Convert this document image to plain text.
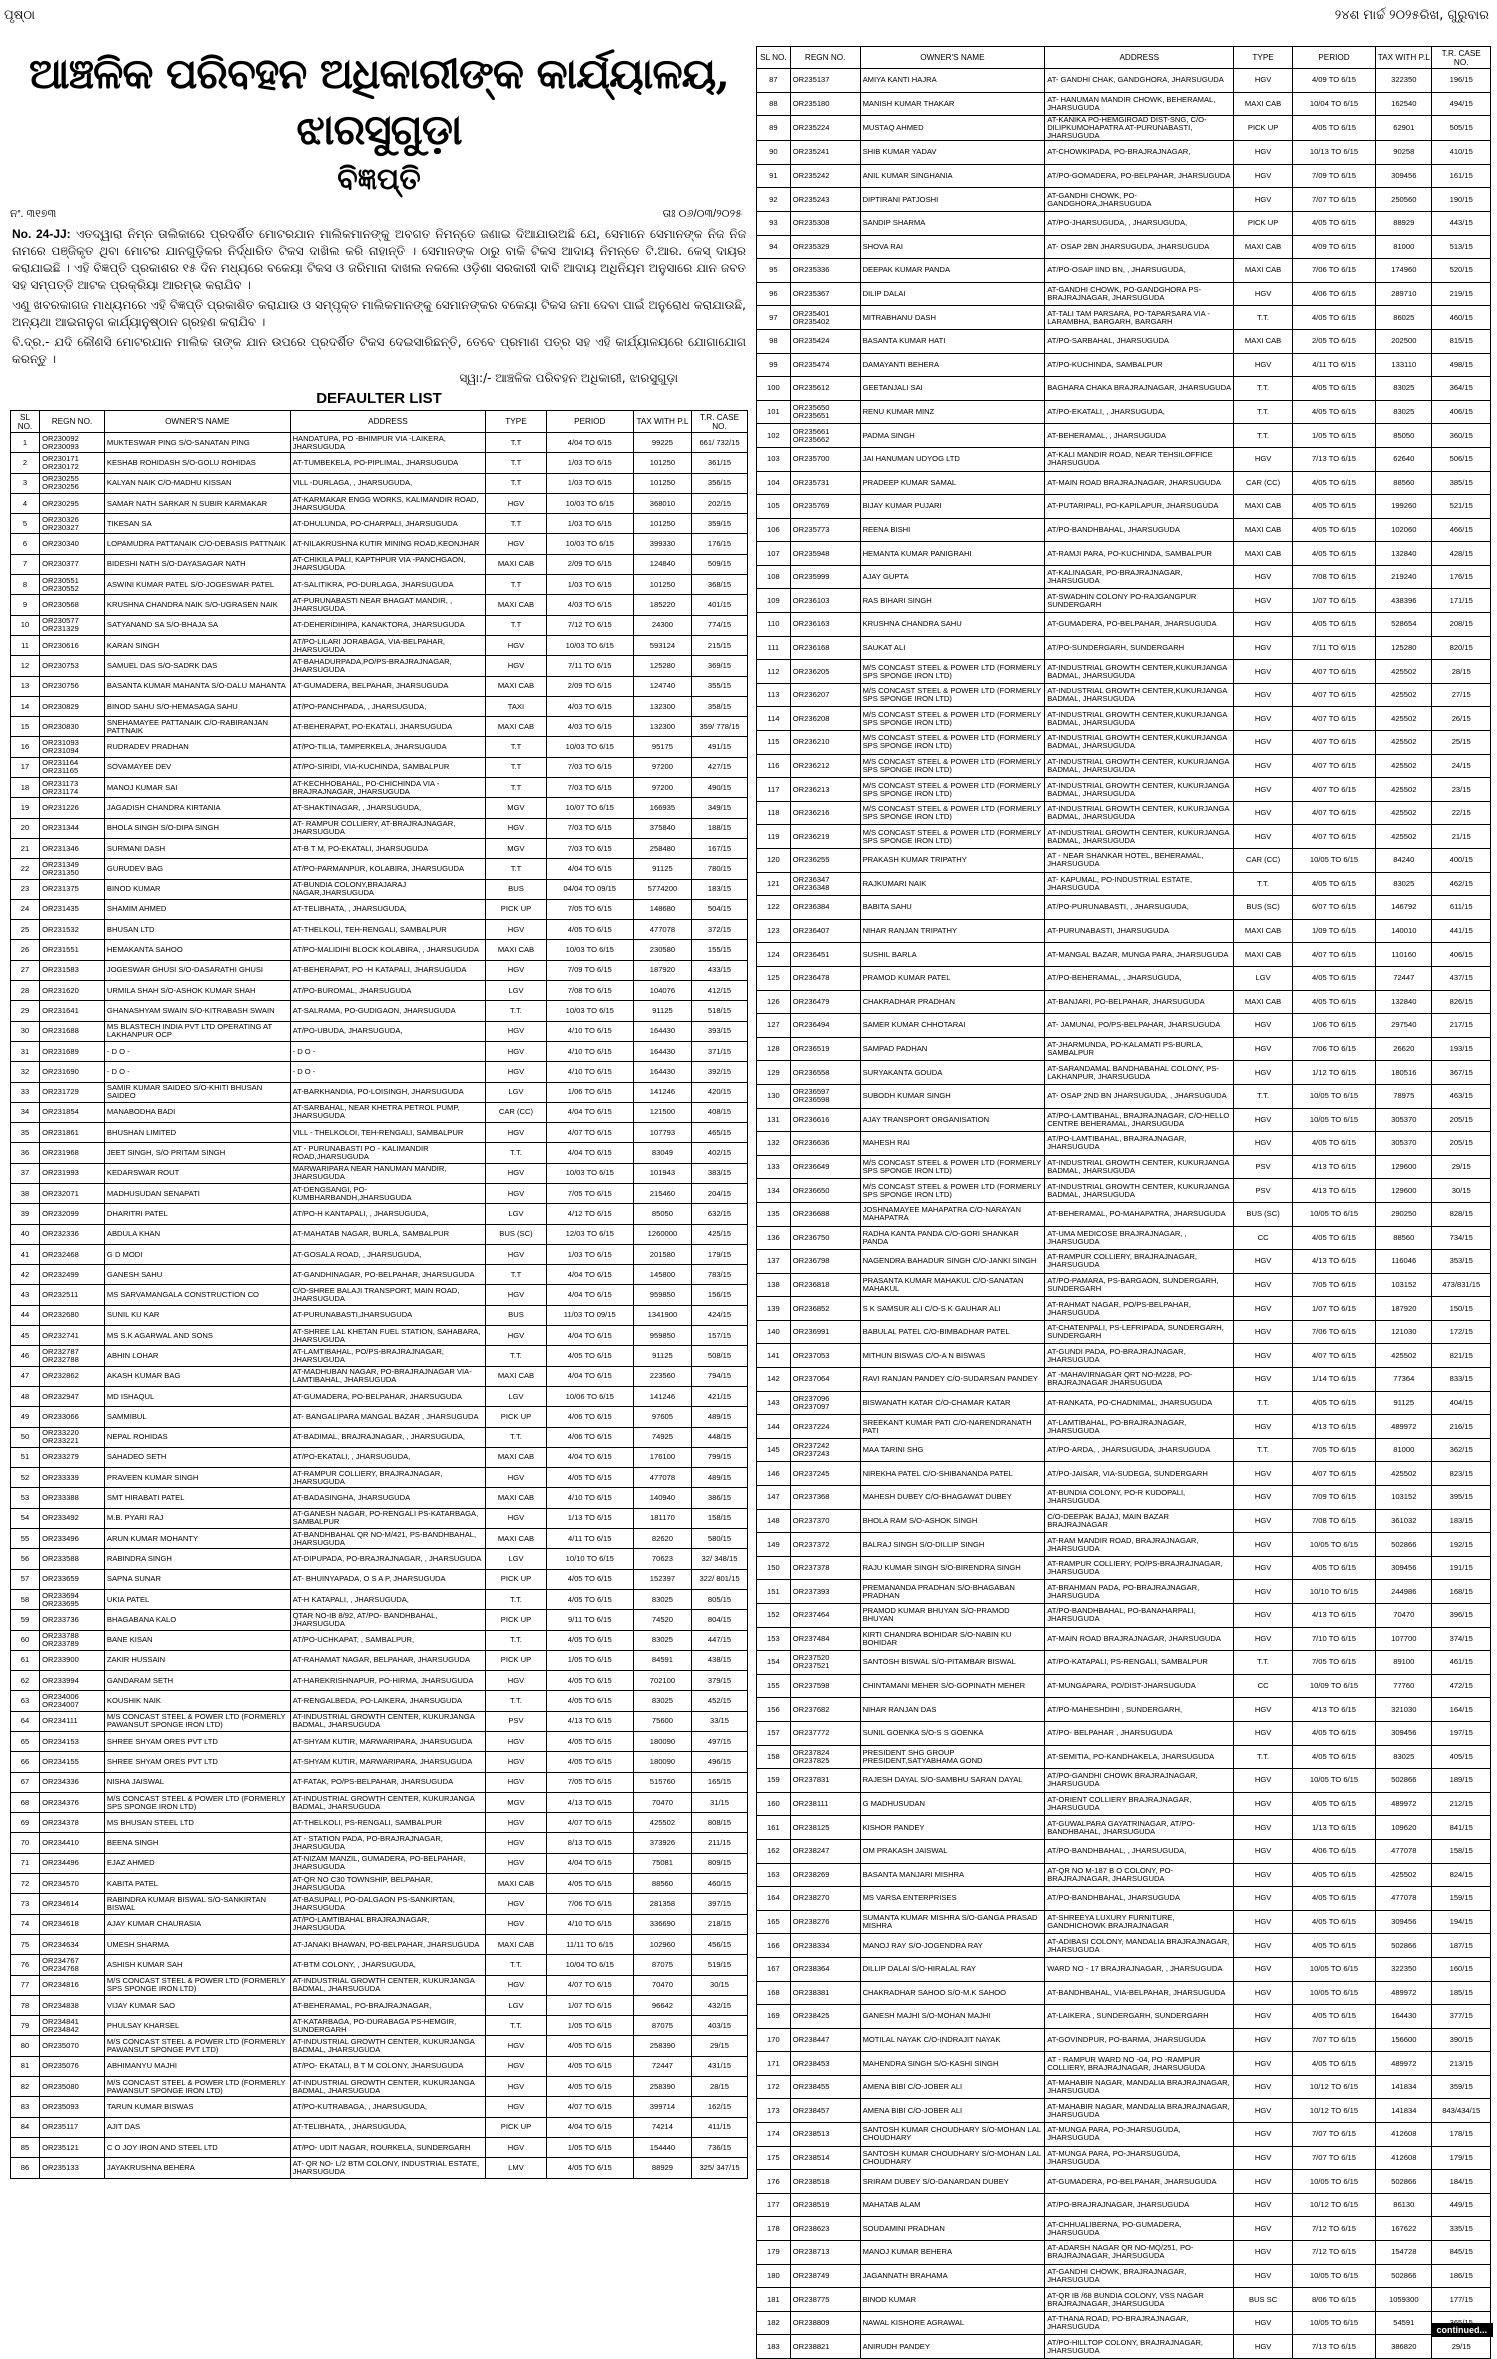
ପୃଷ୍ଠା	୨୪ଶ ମାର୍ଚ୍ଚ ୨୦୨୫ରିଖ, ଗୁରୁବାର
ଆଞ୍ଚଳିକ ପରିବହନ ଅଧିକାରୀଙ୍କ କାର୍ଯ୍ୟାଳୟ, ଝାରସୁଗୁଡ଼ା
ବିଜ୍ଞପ୍ତି
ନଂ. ୩୧୭୩	ତାଃ ୦୬/୦୩/୨୦୨୫

No. 24-JJ: ଏତଦ୍ୱାରା ନିମ୍ନ ତାଲିକାରେ ପ୍ରଦର୍ଶିତ ମୋଟରଯାନ ମାଲିକମାନଙ୍କୁ ଅବଗତ ନିମନ୍ତେ ଜଣାଇ ଦିଆଯାଉଅଛି ଯେ, ସେମାନେ ସେମାନଙ୍କ ନିଜ ନିଜ ନାମରେ ପଞ୍ଜିକୃତ ଥିବା ମୋଟର ଯାନଗୁଡ଼ିକର ନିର୍ଦ୍ଧାରିତ ଟିକସ ଦାଖିଲ କରି ନାହାନ୍ତି । ସେମାନଙ୍କ ଠାରୁ ବାକି ଟିକସ ଆଦାୟ ନିମନ୍ତେ ଟି.ଆର. କେସ୍ ଦାୟର କରାଯାଇଛି । ଏହି ବିଜ୍ଞପ୍ତି ପ୍ରକାଶର ୧୫ ଦିନ ମଧ୍ୟରେ ବକେୟା ଟିକସ ଓ ଜରିମାନା ଦାଖଲ ନକଲେ ଓଡ଼ିଶା ସରକାରୀ ଦାବି ଆଦାୟ ଅଧିନିୟମ ଅନୁସାରେ ଯାନ ଜବତ ସହ ସମ୍ପତ୍ତି ଆଟକ ପ୍ରକ୍ରିୟା ଆରମ୍ଭ କରାଯିବ ।

ଏଣୁ ଖବରକାଗଜ ମାଧ୍ୟମରେ ଏହି ବିଜ୍ଞପ୍ତି ପ୍ରକାଶିତ କରାଯାଉ ଓ ସମ୍ପୃକ୍ତ ମାଲିକମାନଙ୍କୁ ସେମାନଙ୍କର ବକେୟା ଟିକସ ଜମା ଦେବା ପାଇଁ ଅନୁରୋଧ କରାଯାଉଛି, ଅନ୍ୟଥା ଆଇନାନୁଗ କାର୍ଯ୍ୟାନୁଷ୍ଠାନ ଗ୍ରହଣ କରାଯିବ ।

ବି.ଦ୍ର.- ଯଦି କୌଣସି ମୋଟରଯାନ ମାଲିକ ତାଙ୍କ ଯାନ ଉପରେ ପ୍ରଦର୍ଶିତ ଟିକସ ଦେଇସାରିଛନ୍ତି, ତେବେ ପ୍ରମାଣ ପତ୍ର ସହ ଏହି କାର୍ଯ୍ୟାଳୟରେ ଯୋଗାଯୋଗ କରନ୍ତୁ ।

ସ୍ୱା:/- ଆଞ୍ଚଳିକ ପରିବହନ ଅଧିକାରୀ, ଝାରସୁଗୁଡ଼ା
DEFAULTER LIST
SL NO.	REGN NO.	OWNER'S NAME	ADDRESS	TYPE	PERIOD	TAX WITH P.L	T.R. CASE NO.
1	OR230092
OR230093	MUKTESWAR PING S/O-SANATAN PING	HANDATUPA, PO -BHIMPUR VIA -LAIKERA, JHARSUGUDA	T.T	4/04 TO 6/15	99225	661/ 732/15
2	OR230171
OR230172	KESHAB ROHIDASH S/O-GOLU ROHIDAS	AT-TUMBEKELA, PO-PIPLIMAL, JHARSUGUDA	T.T	1/03 TO 6/15	101250	361/15
3	OR230255
OR230256	KALYAN NAIK C/O-MADHU KISSAN	VILL -DURLAGA, , JHARSUGUDA,	T.T	1/03 TO 6/15	101250	356/15
4	OR230295	SAMAR NATH SARKAR N SUBIR KARMAKAR	AT-KARMAKAR ENGG WORKS, KALIMANDIR ROAD, JHARSUGUDA	HGV	10/03 TO 6/15	368010	202/15
5	OR230326
OR230327	TIKESAN SA	AT-DHULUNDA, PO-CHARPALI, JHARSUGUDA	T.T	1/03 TO 6/15	101250	359/15
6	OR230340	LOPAMUDRA PATTANAIK C/O-DEBASIS PATTNAIK	AT-NILAKRUSHNA KUTIR MINING ROAD,KEONJHAR	HGV	10/03 TO 6/15	399330	176/15
7	OR230377	BIDESHI NATH S/O-DAYASAGAR NATH	AT-CHIKILA PALI, KAPTHPUR VIA -PANCHGAON, JHARSUGUDA	MAXI CAB	2/09 TO 6/15	124840	509/15
8	OR230551
OR230552	ASWINI KUMAR PATEL S/O-JOGESWAR PATEL	AT-SALITIKRA, PO-DURLAGA, JHARSUGUDA	T.T	1/03 TO 6/15	101250	368/15
9	OR230568	KRUSHNA CHANDRA NAIK S/O-UGRASEN NAIK	AT-PURUNABASTI NEAR BHAGAT MANDIR, , JHARSUGUDA	MAXI CAB	4/03 TO 6/15	185220	401/15
10	OR230577
OR231329	SATYANAND SA S/O-BHAJA SA	AT-DEHERIDIHIPA, KANAKTORA, JHARSUGUDA	T.T	7/12 TO 6/15	24300	774/15
11	OR230616	KARAN SINGH	AT/PO-LILARI JORABAGA, VIA-BELPAHAR, JHARSUGUDA	HGV	10/03 TO 6/15	593124	215/15
12	OR230753	SAMUEL DAS S/O-SADRK DAS	AT-BAHADURPADA,PO/PS-BRAJRAJNAGAR, JHARSUGUDA	HGV	7/11 TO 6/15	125280	369/15
13	OR230756	BASANTA KUMAR MAHANTA S/O-DALU MAHANTA	AT-GUMADERA, BELPAHAR, JHARSUGUDA	MAXI CAB	2/09 TO 6/15	124740	355/15
14	OR230829	BINOD SAHU S/O-HEMASAGA SAHU	AT/PO-PANCHPADA, , JHARSUGUDA,	TAXI	4/03 TO 6/15	132300	358/15
15	OR230830	SNEHAMAYEE PATTANAIK C/O-RABIRANJAN PATTNAIK	AT-BEHERAPAT, PO-EKATALI, JHARSUGUDA	MAXI CAB	4/03 TO 6/15	132300	359/ 778/15
16	OR231093
OR231094	RUDRADEV PRADHAN	AT/PO-TILIA, TAMPERKELA, JHARSUGUDA	T.T	10/03 TO 6/15	95175	491/15
17	OR231164
OR231165	SOVAMAYEE DEV	AT/PO-SIRIDI, VIA-KUCHINDA, SAMBALPUR	T.T	7/03 TO 6/15	97200	427/15
18	OR231173
OR231174	MANOJ KUMAR SAI	AT-KECHHOBAHAL, PO-CHICHINDA VIA -BRAJRAJNAGAR, JHARSUGUDA	T.T	7/03 TO 6/15	97200	490/15
19	OR231226	JAGADISH CHANDRA KIRTANIA	AT-SHAKTINAGAR, , JHARSUGUDA,	MGV	10/07 TO 6/15	166935	349/15
20	OR231344	BHOLA SINGH S/O-DIPA SINGH	AT- RAMPUR COLLIERY, AT-BRAJRAJNAGAR, JHARSUGUDA	HGV	7/03 TO 6/15	375840	188/15
21	OR231346	SURMANI DASH	AT-B T M, PO-EKATALI, JHARSUGUDA	MGV	7/03 TO 6/15	258480	167/15
22	OR231349
OR231350	GURUDEV BAG	AT/PO-PARMANPUR, KOLABIRA, JHARSUGUDA	T.T	4/04 TO 6/15	91125	780/15
23	OR231375	BINOD KUMAR	AT-BUNDIA COLONY,BRAJARAJ NAGAR,JHARSUGUDA	BUS	04/04 TO 09/15	5774200	183/15
24	OR231435	SHAMIM AHMED	AT-TELIBHATA, , JHARSUGUDA,	PICK UP	7/05 TO 6/15	148680	504/15
25	OR231532	BHUSAN LTD	AT-THELKOLI, TEH-RENGALI, SAMBALPUR	HGV	4/05 TO 6/15	477078	372/15
26	OR231551	HEMAKANTA SAHOO	AT/PO-MALIDIHI BLOCK KOLABIRA, , JHARSUGUDA	MAXI CAB	10/03 TO 6/15	230580	155/15
27	OR231583	JOGESWAR GHUSI S/O-DASARATHI GHUSI	AT-BEHERAPAT, PO -H KATAPALI, JHARSUGUDA	HGV	7/09 TO 6/15	187920	433/15
28	OR231620	URMILA SHAH S/O-ASHOK KUMAR SHAH	AT/PO-BUROMAL, JHARSUGUDA	LGV	7/08 TO 6/15	104076	412/15
29	OR231641	GHANASHYAM SWAIN S/O-KITRABASH SWAIN	AT-SALRAMA, PO-GUDIGAON, JHARSUGUDA	T.T.	10/03 TO 6/15	91125	518/15
30	OR231688	MS BLASTECH INDIA PVT LTD OPERATING AT LAKHANPUR OCP	AT/PO-UBUDA, JHARSUGUDA,	HGV	4/10 TO 6/15	164430	393/15
31	OR231689	- D O -	- D O -	HGV	4/10 TO 6/15	164430	371/15
32	OR231690	- D O -	- D O -	HGV	4/10 TO 6/15	164430	392/15
33	OR231729	SAMIR KUMAR SAIDEO S/O-KHITI BHUSAN SAIDEO	AT-BARKHANDIA, PO-LOISINGH, JHARSUGUDA	LGV	1/06 TO 6/15	141246	420/15
34	OR231854	MANABODHA BADI	AT-SARBAHAL, NEAR KHETRA PETROL PUMP, JHARSUGUDA	CAR (CC)	4/04 TO 6/15	121500	408/15
35	OR231861	BHUSHAN LIMITED	VILL - THELKOLOI, TEH-RENGALI, SAMBALPUR	HGV	4/07 TO 6/15	107793	465/15
36	OR231968	JEET SINGH, S/O PRITAM SINGH	AT - PURUNABASTI PO - KALIMANDIR ROAD,JHARSUGUDA	T.T.	4/04 TO 6/15	83049	402/15
37	OR231993	KEDARSWAR ROUT	MARWARIPARA NEAR HANUMAN MANDIR, JHARSUGUDA	HGV	10/03 TO 6/15	101943	383/15
38	OR232071	MADHUSUDAN SENAPATI	AT-DENGSANGI, PO-KUMBHARBANDH,JHARSUGUDA	HGV	7/05 TO 6/15	215460	204/15
39	OR232099	DHARITRI PATEL	AT/PO-H KANTAPALI, , JHARSUGUDA,	LGV	4/12 TO 6/15	85050	632/15
40	OR232336	ABDULA KHAN	AT-MAHATAB NAGAR, BURLA, SAMBALPUR	BUS (SC)	12/03 TO 6/15	1260000	425/15
41	OR232468	G D MODI	AT-GOSALA ROAD, , JHARSUGUDA,	HGV	1/03 TO 6/15	201580	179/15
42	OR232499	GANESH SAHU	AT-GANDHINAGAR, PO-BELPAHAR, JHARSUGUDA	T.T	4/04 TO 6/15	145800	783/15
43	OR232511	MS SARVAMANGALA CONSTRUCTION CO	C/O-SHREE BALAJI TRANSPORT, MAIN ROAD, JHARSUGUDA	HGV	4/04 TO 6/15	959850	156/15
44	OR232680	SUNIL KU KAR	AT-PURUNABASTI,JHARSUGUDA	BUS	11/03 TO 09/15	1341900	424/15
45	OR232741	MS S.K AGARWAL AND SONS	AT-SHREE LAL KHETAN FUEL STATION, SAHABARA, JHARSUGUDA	HGV	4/04 TO 6/15	959850	157/15
46	OR232787
OR232788	ABHIN LOHAR	AT-LAMTIBAHAL, PO/PS-BRAJRAJNAGAR, JHARSUGUDA	T.T.	4/05 TO 6/15	91125	508/15
47	OR232862	AKASH KUMAR BAG	AT-MADHUBAN NAGAR, PO-BRAJRAJNAGAR VIA-LAMTIBAHAL, JHARSUGUDA	MAXI CAB	4/04 TO 6/15	223560	794/15
48	OR232947	MD ISHAQUL	AT-GUMADERA, PO-BELPAHAR, JHARSUGUDA	LGV	10/06 TO 6/15	141246	421/15
49	OR233066	SAMMIBUL	AT- BANGALIPARA MANGAL BAZAR , JHARSUGUDA	PICK UP	4/06 TO 6/15	97605	489/15
50	OR233220
OR233221	NEPAL ROHIDAS	AT-BADIMAL, BRAJRAJNAGAR, , JHARSUGUDA,	T.T.	4/06 TO 6/15	74925	448/15
51	OR233279	SAHADEO SETH	AT/PO-EKATALI, , JHARSUGUDA,	MAXI CAB	4/04 TO 6/15	176100	799/15
52	OR233339	PRAVEEN KUMAR SINGH	AT-RAMPUR COLLIERY, BRAJRAJNAGAR, JHARSUGUDA	HGV	4/05 TO 6/15	477078	489/15
53	OR233388	SMT HIRABATI PATEL	AT-BADASINGHA, JHARSUGUDA	MAXI CAB	4/10 TO 6/15	140940	386/15
54	OR233492	M.B. PYARI RAJ	AT-GANESH NAGAR, PO-RENGALI PS-KATARBAGA, SAMBALPUR	HGV	1/13 TO 6/15	181170	158/15
55	OR233496	ARUN KUMAR MOHANTY	AT-BANDHBAHAL QR NO-M/421, PS-BANDHBAHAL, JHARSUGUDA	MAXI CAB	4/11 TO 6/15	82620	580/15
56	OR233588	RABINDRA SINGH	AT-DIPUPADA, PO-BRAJRAJNAGAR, , JHARSUGUDA	LGV	10/10 TO 6/15	70623	32/ 348/15
57	OR233659	SAPNA SUNAR	AT- BHUINYAPADA, O S A P, JHARSUGUDA	PICK UP	4/05 TO 6/15	152397	322/ 801/15
58	OR233694
OR233695	UKIA PATEL	AT-H KATAPALI, , JHARSUGUDA,	T.T.	4/05 TO 6/15	83025	805/15
59	OR233736	BHAGABANA KALO	QTAR NO-IB 8/92, AT/PO- BANDHBAHAL, JHARSUGUDA	PICK UP	9/11 TO 6/15	74520	804/15
60	OR233788
OR233789	BANE KISAN	AT/PO-UCHKAPAT, , SAMBALPUR,	T.T.	4/05 TO 6/15	83025	447/15
61	OR233900	ZAKIR HUSSAIN	AT-RAHAMAT NAGAR, BELPAHAR, JHARSUGUDA	PICK UP	1/05 TO 6/15	84591	438/15
62	OR233994	GANDARAM SETH	AT-HAREKRISHNAPUR, PO-HIRMA, JHARSUGUDA	HGV	4/05 TO 6/15	702100	379/15
63	OR234006
OR234007	KOUSHIK NAIK	AT-RENGALBEDA, PO-LAIKERA, JHARSUGUDA	T.T.	4/05 TO 6/15	83025	452/15
64	OR234111	M/S CONCAST STEEL & POWER LTD (FORMERLY PAWANSUT SPONGE IRON LTD)	AT-INDUSTRIAL GROWTH CENTER, KUKURJANGA BADMAL, JHARSUGUDA	PSV	4/13 TO 6/15	75600	33/15
65	OR234153	SHREE SHYAM ORES PVT LTD	AT-SHYAM KUTIR, MARWARIPARA, JHARSUGUDA	HGV	4/05 TO 6/15	180090	497/15
66	OR234155	SHREE SHYAM ORES PVT LTD	AT-SHYAM KUTIR, MARWARIPARA, JHARSUGUDA	HGV	4/05 TO 6/15	180090	496/15
67	OR234336	NISHA JAISWAL	AT-FATAK, PO/PS-BELPAHAR, JHARSUGUDA	HGV	7/05 TO 6/15	515760	165/15
68	OR234376	M/S CONCAST STEEL & POWER LTD (FORMERLY SPS SPONGE IRON LTD)	AT-INDUSTRIAL GROWTH CENTER, KUKURJANGA BADMAL, JHARSUGUDA	MGV	4/13 TO 6/15	70470	31/15
69	OR234378	MS BHUSAN STEEL LTD	AT-THELKOLI, PS-RENGALI, SAMBALPUR	HGV	4/07 TO 6/15	425502	808/15
70	OR234410	BEENA SINGH	AT - STATION PADA, PO-BRAJRAJNAGAR, JHARSUGUDA	HGV	8/13 TO 6/15	373926	211/15
71	OR234496	EJAZ AHMED	AT-NIZAM MANZIL, GUMADERA, PO-BELPAHAR, JHARSUGUDA	HGV	4/04 TO 6/15	75081	809/15
72	OR234570	KABITA PATEL	AT-QR NO C30 TOWNSHIP, BELPAHAR, JHARSUGUDA	MAXI CAB	4/05 TO 6/15	88560	460/15
73	OR234614	RABINDRA KUMAR BISWAL S/O-SANKIRTAN BISWAL	AT-BASUPALI, PO-DALGAON PS-SANKIRTAN, JHARSUGUDA	HGV	7/06 TO 6/15	281358	397/15
74	OR234618	AJAY KUMAR CHAURASIA	AT/PO-LAMTIBAHAL BRAJRAJNAGAR, JHARSUGUDA	HGV	4/10 TO 6/15	336690	218/15
75	OR234634	UMESH SHARMA	AT-JANAKI BHAWAN, PO-BELPAHAR, JHARSUGUDA	MAXI CAB	11/11 TO 6/15	102960	456/15
76	OR234767
OR234768	ASHISH KUMAR SAH	AT-BTM COLONY, , JHARSUGUDA,	T.T.	10/04 TO 6/15	87075	519/15
77	OR234816	M/S CONCAST STEEL & POWER LTD (FORMERLY SPS SPONGE IRON LTD)	AT-INDUSTRIAL GROWTH CENTER, KUKURJANGA BADMAL, JHARSUGUDA	HGV	4/07 TO 6/15	70470	30/15
78	OR234838	VIJAY KUMAR SAO	AT-BEHERAMAL, PO-BRAJRAJNAGAR,	LGV	1/07 TO 6/15	96642	432/15
79	OR234841
OR234842	PHULSAY KHARSEL	AT-KATARBAGA, PO-DURABAGA PS-HEMGIR, SUNDERGARH	T.T.	1/05 TO 6/15	87075	403/15
80	OR235070	M/S CONCAST STEEL & POWER LTD (FORMERLY PAWANSUT SPONGE PVT LTD)	AT-INDUSTRIAL GROWTH CENTER, KUKURJANGA BADMAL, JHARSUGUDA	HGV	4/05 TO 6/15	258390	29/15
81	OR235076	ABHIMANYU MAJHI	AT/PO- EKATALI, B T M COLONY, JHARSUGUDA	HGV	4/05 TO 6/15	72447	431/15
82	OR235080	M/S CONCAST STEEL & POWER LTD (FORMERLY PAWANSUT SPONGE IRON LTD)	AT-INDUSTRIAL GROWTH CENTER, KUKURJANGA BADMAL, JHARSUGUDA	HGV	4/05 TO 6/15	258390	28/15
83	OR235093	TARUN KUMAR BISWAS	AT/PO-KUTRABAGA, , JHARSUGUDA,	HGV	4/07 TO 6/15	399714	162/15
84	OR235117	AJIT DAS	AT-TELIBHATA, , JHARSUGUDA,	PICK UP	4/04 TO 6/15	74214	411/15
85	OR235121	C O JOY IRON AND STEEL LTD	AT/PO- UDIT NAGAR, ROURKELA, SUNDERGARH	HGV	1/05 TO 6/15	154440	736/15
86	OR235133	JAYAKRUSHNA BEHERA	AT- QR NO- L/2 BTM COLONY, INDUSTRIAL ESTATE, JHARSUGUDA	LMV	4/05 TO 6/15	88929	325/ 347/15
SL NO.	REGN NO.	OWNER'S NAME	ADDRESS	TYPE	PERIOD	TAX WITH P.L	T.R. CASE NO.
87	OR235137	AMIYA KANTI HAJRA	AT- GANDHI CHAK, GANDGHORA, JHARSUGUDA	HGV	4/09 TO 6/15	322350	196/15
88	OR235180	MANISH KUMAR THAKAR	AT- HANUMAN MANDIR CHOWK, BEHERAMAL, JHARSUGUDA	MAXI CAB	10/04 TO 6/15	162540	494/15
89	OR235224	MUSTAQ AHMED	AT-KANIKA PO-HEMGIROAD DIST-SNG, C/O-DILIPKUMOHAPATRA AT-PURUNABASTI, JHARSUGUDA	PICK UP	4/05 TO 6/15	62901	505/15
90	OR235241	SHIB KUMAR YADAV	AT-CHOWKIPADA, PO-BRAJRAJNAGAR,	HGV	10/13 TO 6/15	90258	410/15
91	OR235242	ANIL KUMAR SINGHANIA	AT/PO-GOMADERA, PO-BELPAHAR, JHARSUGUDA	HGV	7/09 TO 6/15	309456	161/15
92	OR235243	DIPTIRANI PATJOSHI	AT-GANDHI CHOWK, PO-GANDGHORA,JHARSUGUDA	HGV	7/07 TO 6/15	250560	190/15
93	OR235308	SANDIP SHARMA	AT/PO-JHARSUGUDA, , JHARSUGUDA,	PICK UP	4/05 TO 6/15	88929	443/15
94	OR235329	SHOVA RAI	AT- OSAP 2BN JHARSUGUDA, JHARSUGUDA	MAXI CAB	4/09 TO 6/15	81000	513/15
95	OR235336	DEEPAK KUMAR PANDA	AT/PO-OSAP IIND BN, , JHARSUGUDA,	MAXI CAB	7/06 TO 6/15	174960	520/15
96	OR235367	DILIP DALAI	AT-GANDHI CHOWK, PO-GANDGHORA PS-BRAJRAJNAGAR, JHARSUGUDA	HGV	4/06 TO 6/15	289710	219/15
97	OR235401
OR235402	MITRABHANU DASH	AT-TALI TAM PARSARA, PO-TAPARSARA VIA -LARAMBHA, BARGARH, BARGARH	T.T.	4/05 TO 6/15	86025	460/15
98	OR235424	BASANTA KUMAR HATI	AT/PO-SARBAHAL, JHARSUGUDA	MAXI CAB	2/05 TO 6/15	202500	815/15
99	OR235474	DAMAYANTI BEHERA	AT/PO-KUCHINDA, SAMBALPUR	HGV	4/11 TO 6/15	133110	498/15
100	OR235612	GEETANJALI SAI	BAGHARA CHAKA BRAJRAJNAGAR, JHARSUGUDA	T.T.	4/05 TO 6/15	83025	364/15
101	OR235650
OR235651	RENU KUMAR MINZ	AT/PO-EKATALI, , JHARSUGUDA,	T.T.	4/05 TO 6/15	83025	406/15
102	OR235661
OR235662	PADMA SINGH	AT-BEHERAMAL, , JHARSUGUDA	T.T.	1/05 TO 6/15	85050	360/15
103	OR235700	JAI HANUMAN UDYOG LTD	AT-KALI MANDIR ROAD, NEAR TEHSILOFFICE JHARSUGUDA	HGV	7/13 TO 6/15	62640	506/15
104	OR235731	PRADEEP KUMAR SAMAL	AT-MAIN ROAD BRAJRAJNAGAR, JHARSUGUDA	CAR (CC)	4/05 TO 6/15	88560	385/15
105	OR235769	BIJAY KUMAR PUJARI	AT-PUTARIPALI, PO-KAPILAPUR, JHARSUGUDA	MAXI CAB	4/05 TO 6/15	199260	521/15
106	OR235773	REENA BISHI	AT/PO-BANDHBAHAL, JHARSUGUDA	MAXI CAB	4/05 TO 6/15	102060	466/15
107	OR235948	HEMANTA KUMAR PANIGRAHI	AT-RAMJI PARA, PO-KUCHINDA, SAMBALPUR	MAXI CAB	4/05 TO 6/15	132840	428/15
108	OR235999	AJAY GUPTA	AT-KALINAGAR, PO-BRAJRAJNAGAR, JHARSUGUDA	HGV	7/08 TO 6/15	219240	176/15
109	OR236103	RAS BIHARI SINGH	AT-SWADHIN COLONY PO-RAJGANGPUR SUNDERGARH	HGV	1/07 TO 6/15	438396	171/15
110	OR236163	KRUSHNA CHANDRA SAHU	AT-GUMADERA, PO-BELPAHAR, JHARSUGUDA	HGV	4/05 TO 6/15	528654	208/15
111	OR236168	SAUKAT ALI	AT/PO-SUNDERGARH, SUNDERGARH	HGV	7/11 TO 6/15	125280	820/15
112	OR236205	M/S CONCAST STEEL & POWER LTD (FORMERLY SPS SPONGE IRON LTD)	AT-INDUSTRIAL GROWTH CENTER,KUKURJANGA BADMAL, JHARSUGUDA	HGV	4/07 TO 6/15	425502	28/15
113	OR236207	M/S CONCAST STEEL & POWER LTD (FORMERLY SPS SPONGE IRON LTD)	AT-INDUSTRIAL GROWTH CENTER,KUKURJANGA BADMAL, JHARSUGUDA	HGV	4/07 TO 6/15	425502	27/15
114	OR236208	M/S CONCAST STEEL & POWER LTD (FORMERLY SPS SPONGE IRON LTD)	AT-INDUSTRIAL GROWTH CENTER,KUKURJANGA BADMAL, JHARSUGUDA	HGV	4/07 TO 6/15	425502	26/15
115	OR236210	M/S CONCAST STEEL & POWER LTD (FORMERLY SPS SPONGE IRON LTD)	AT-INDUSTRIAL GROWTH CENTER,KUKURJANGA BADMAL, JHARSUGUDA	HGV	4/07 TO 6/15	425502	25/15
116	OR236212	M/S CONCAST STEEL & POWER LTD (FORMERLY SPS SPONGE IRON LTD)	AT-INDUSTRIAL GROWTH CENTER, KUKURJANGA BADMAL, JHARSUGUDA	HGV	4/07 TO 6/15	425502	24/15
117	OR236213	M/S CONCAST STEEL & POWER LTD (FORMERLY SPS SPONGE IRON LTD)	AT-INDUSTRIAL GROWTH CENTER, KUKURJANGA BADMAL, JHARSUGUDA	HGV	4/07 TO 6/15	425502	23/15
118	OR236216	M/S CONCAST STEEL & POWER LTD (FORMERLY SPS SPONGE IRON LTD)	AT-INDUSTRIAL GROWTH CENTER, KUKURJANGA BADMAL, JHARSUGUDA	HGV	4/07 TO 6/15	425502	22/15
119	OR236219	M/S CONCAST STEEL & POWER LTD (FORMERLY SPS SPONGE IRON LTD)	AT-INDUSTRIAL GROWTH CENTER, KUKURJANGA BADMAL, JHARSUGUDA	HGV	4/07 TO 6/15	425502	21/15
120	OR236255	PRAKASH KUMAR TRIPATHY	AT - NEAR SHANKAR HOTEL, BEHERAMAL, JHARSUGUDA	CAR (CC)	10/05 TO 6/15	84240	400/15
121	OR236347
OR236348	RAJKUMARI NAIK	AT- KAPUMAL, PO-INDUSTRIAL ESTATE, JHARSUGUDA	T.T.	4/05 TO 6/15	83025	462/15
122	OR236384	BABITA SAHU	AT/PO-PURUNABASTI, , JHARSUGUDA,	BUS (SC)	6/07 TO 6/15	146792	611/15
123	OR236407	NIHAR RANJAN TRIPATHY	AT-PURUNABASTI, JHARSUGUDA	MAXI CAB	1/09 TO 6/15	140010	441/15
124	OR236451	SUSHIL BARLA	AT-MANGAL BAZAR, MUNGA PARA, JHARSUGUDA	MAXI CAB	4/07 TO 6/15	110160	406/15
125	OR236478	PRAMOD KUMAR PATEL	AT/PO-BEHERAMAL, , JHARSUGUDA,	LGV	4/05 TO 6/15	72447	437/15
126	OR236479	CHAKRADHAR PRADHAN	AT-BANJARI, PO-BELPAHAR, JHARSUGUDA	MAXI CAB	4/05 TO 6/15	132840	826/15
127	OR236494	SAMER KUMAR CHHOTARAI	AT- JAMUNAI, PO/PS-BELPAHAR, JHARSUGUDA	HGV	1/06 TO 6/15	297540	217/15
128	OR236519	SAMPAD PADHAN	AT-JHARMUNDA, PO-KALAMATI PS-BURLA, SAMBALPUR	HGV	7/06 TO 6/15	26620	193/15
129	OR236558	SURYAKANTA GOUDA	AT-SARANDAMAL BANDHABAHAL COLONY, PS-LAKHANPUR, JHARSUGUDA	HGV	1/12 TO 6/15	180516	367/15
130	OR236597
OR236598	SUBODH KUMAR SINGH	AT- OSAP 2ND BN JHARSUGUDA, , JHARSUGUDA	T.T.	10/05 TO 6/15	78975	463/15
131	OR236616	AJAY TRANSPORT ORGANISATION	AT/PO-LAMTIBAHAL, BRAJRAJNAGAR, C/O-HELLO CENTRE BEHERAMAL, JHARSUGUDA	HGV	10/05 TO 6/15	305370	205/15
132	OR236636	MAHESH RAI	AT/PO-LAMTIBAHAL, BRAJRAJNAGAR, JHARSUGUDA	HGV	4/05 TO 6/15	305370	205/15
133	OR236649	M/S CONCAST STEEL & POWER LTD (FORMERLY SPS SPONGE IRON LTD)	AT-INDUSTRIAL GROWTH CENTER, KUKURJANGA BADMAL, JHARSUGUDA	PSV	4/13 TO 6/15	129600	29/15
134	OR236650	M/S CONCAST STEEL & POWER LTD (FORMERLY SPS SPONGE IRON LTD)	AT-INDUSTRIAL GROWTH CENTER, KUKURJANGA BADMAL, JHARSUGUDA	PSV	4/13 TO 6/15	129600	30/15
135	OR236688	JOSHNAMAYEE MAHAPATRA C/O-NARAYAN MAHAPATRA	AT-BEHERAMAL, PO-MAHAPATRA, JHARSUGUDA	BUS (SC)	10/05 TO 6/15	290250	828/15
136	OR236750	RADHA KANTA PANDA C/O-GORI SHANKAR PANDA	AT-UMA MEDICOSE BRAJRAJNAGAR, , JHARSUGUDA	CC	4/05 TO 6/15	88560	734/15
137	OR236798	NAGENDRA BAHADUR SINGH C/O-JANKI SINGH	AT-RAMPUR COLLIERY, BRAJRAJNAGAR, JHARSUGUDA	HGV	4/13 TO 6/15	116046	353/15
138	OR236818	PRASANTA KUMAR MAHAKUL C/O-SANATAN MAHAKUL	AT/PO-PAMARA, PS-BARGAON, SUNDERGARH, SUNDERGARH	HGV	7/05 TO 6/15	103152	473/831/15
139	OR236852	S K SAMSUR ALI C/O-S K GAUHAR ALI	AT-RAHMAT NAGAR, PO/PS-BELPAHAR, JHARSUGUDA	HGV	1/07 TO 6/15	187920	150/15
140	OR236991	BABULAL PATEL C/O-BIMBADHAR PATEL	AT-CHATENPALI, PS-LEFRIPADA, SUNDERGARH, SUNDERGARH	HGV	7/06 TO 6/15	121030	172/15
141	OR237053	MITHUN BISWAS C/O-A N BISWAS	AT-GUNDI PADA, PO-BRAJRAJNAGAR, JHARSUGUDA	HGV	4/07 TO 6/15	425502	821/15
142	OR237064	RAVI RANJAN PANDEY C/O-SUDARSAN PANDEY	AT -MAHAVIRNAGAR QRT NO-M228, PO-BRAJRAJNAGAR JHARSUGUDA	HGV	1/14 TO 6/15	77364	833/15
143	OR237096
OR237097	BISWANATH KATAR C/O-CHAMAR KATAR	AT-RANKATA, PO-CHADNIMAL, JHARSUGUDA	T.T.	4/05 TO 6/15	91125	404/15
144	OR237224	SREEKANT KUMAR PATI C/O-NARENDRANATH PATI	AT-LAMTIBAHAL, PO-BRAJRAJNAGAR, JHARSUGUDA	HGV	4/13 TO 6/15	489972	216/15
145	OR237242
OR237243	MAA TARINI SHG	AT/PO-ARDA, , JHARSUGUDA, JHARSUGUDA	T.T.	7/05 TO 6/15	81000	362/15
146	OR237245	NIREKHA PATEL C/O-SHIBANANDA PATEL	AT/PO-JAISAR, VIA-SUDEGA, SUNDERGARH	HGV	4/07 TO 6/15	425502	823/15
147	OR237368	MAHESH DUBEY C/O-BHAGAWAT DUBEY	AT-BUNDIA COLONY, PO-R KUDOPALI, JHARSUGUDA	HGV	7/09 TO 6/15	103152	395/15
148	OR237370	BHOLA RAM S/O-ASHOK SINGH	C/O-DEEPAK BAJAJ, MAIN BAZAR BRAJRAJNAGAR	HGV	7/08 TO 6/15	361032	183/15
149	OR237372	BALRAJ SINGH S/O-DILLIP SINGH	AT-RAM MANDIR ROAD, BRAJRAJNAGAR, JHARSUGUDA	HGV	10/05 TO 6/15	502866	192/15
150	OR237378	RAJU KUMAR SINGH S/O-BIRENDRA SINGH	AT-RAMPUR COLLIERY, PO/PS-BRAJRAJNAGAR, JHARSUGUDA	HGV	4/05 TO 6/15	309456	191/15
151	OR237393	PREMANANDA PRADHAN S/O-BHAGABAN PRADHAN	AT-BRAHMAN PADA, PO-BRAJRAJNAGAR, JHARSUGUDA	HGV	10/10 TO 6/15	244986	168/15
152	OR237464	PRAMOD KUMAR BHUYAN S/O-PRAMOD BHUYAN	AT/PO-BANDHBAHAL, PO-BANAHARPALI, JHARSUGUDA	HGV	4/13 TO 6/15	70470	396/15
153	OR237484	KIRTI CHANDRA BOHIDAR S/O-NABIN KU BOHIDAR	AT-MAIN ROAD BRAJRAJNAGAR, JHARSUGUDA	HGV	7/10 TO 6/15	107700	374/15
154	OR237520
OR237521	SANTOSH BISWAL S/O-PITAMBAR BISWAL	AT/PO-KATAPALI, PS-RENGALI, SAMBALPUR	T.T.	7/05 TO 6/15	89100	461/15
155	OR237598	CHINTAMANI MEHER S/O-GOPINATH MEHER	AT-MUNGAPARA, PO/DIST-JHARSUGUDA	CC	10/09 TO 6/15	77760	472/15
156	OR237682	NIHAR RANJAN DAS	AT/PO-MAHESHDIHI , SUNDERGARH,	HGV	4/13 TO 6/15	321030	164/15
157	OR237772	SUNIL GOENKA S/O-S S GOENKA	AT/PO- BELPAHAR , JHARSUGUDA	HGV	4/05 TO 6/15	309456	197/15
158	OR237824
OR237825	PRESIDENT SHG GROUP PRESIDENT,SATYABHAMA GOND	AT-SEMITIA, PO-KANDHAKELA, JHARSUGUDA	T.T.	4/05 TO 6/15	83025	405/15
159	OR237831	RAJESH DAYAL S/O-SAMBHU SARAN DAYAL	AT/PO-GANDHI CHOWK BRAJRAJNAGAR, JHARSUGUDA	HGV	10/05 TO 6/15	502866	189/15
160	OR238111	G MADHUSUDAN	AT-ORIENT COLLIERY BRAJRAJNAGAR, JHARSUGUDA	HGV	4/05 TO 6/15	489972	212/15
161	OR238125	KISHOR PANDEY	AT-GUWALPARA GAYATRINAGAR, AT/PO-BANDHBAHAL, JHARSUGUDA	HGV	1/13 TO 6/15	109620	841/15
162	OR238247	OM PRAKASH JAISWAL	AT/PO-BANDHBAHAL, , JHARSUGUDA,	HGV	4/06 TO 6/15	477078	158/15
163	OR238269	BASANTA MANJARI MISHRA	AT-QR NO M-187 B O COLONY, PO-BRAJRAJNAGAR, JHARSUGUDA	HGV	4/05 TO 6/15	425502	824/15
164	OR238270	MS VARSA ENTERPRISES	AT/PO-BANDHBAHAL, JHARSUGUDA	HGV	4/05 TO 6/15	477078	159/15
165	OR238276	SUMANTA KUMAR MISHRA S/O-GANGA PRASAD MISHRA	AT-SHREEYA LUXURY FURNITURE, GANDHICHOWK BRAJRAJNAGAR	HGV	4/05 TO 6/15	309456	194/15
166	OR238334	MANOJ RAY S/O-JOGENDRA RAY	AT-ADIBASI COLONY, MANDALIA BRAJRAJNAGAR, JHARSUGUDA	HGV	4/05 TO 6/15	502866	187/15
167	OR238364	DILLIP DALAI S/O-HIRALAL RAY	WARD NO - 17 BRAJRAJNAGAR, , JHARSUGUDA	HGV	10/05 TO 6/15	322350	160/15
168	OR238381	CHAKRADHAR SAHOO S/O-M.K SAHOO	AT-BANDHBAHAL, VIA-BELPAHAR, JHARSUGUDA	HGV	10/05 TO 6/15	489972	185/15
169	OR238425	GANESH MAJHI S/O-MOHAN MAJHI	AT-LAIKERA , SUNDERGARH, SUNDERGARH	HGV	4/05 TO 6/15	164430	377/15
170	OR238447	MOTILAL NAYAK C/O-INDRAJIT NAYAK	AT-GOVINDPUR, PO-BARMA, JHARSUGUDA	HGV	7/07 TO 6/15	156600	390/15
171	OR238453	MAHENDRA SINGH S/O-KASHI SINGH	AT - RAMPUR WARD NO -04, PO -RAMPUR COLLIERY, BRAJRAJNAGAR, JHARSUGUDA	HGV	4/05 TO 6/15	489972	213/15
172	OR238455	AMENA BIBI C/O-JOBER ALI	AT-MAHABIR NAGAR, MANDALIA BRAJRAJNAGAR, JHARSUGUDA	HGV	10/12 TO 6/15	141834	359/15
173	OR238457	AMENA BIBI C/O-JOBER ALI	AT-MAHABIR NAGAR, MANDALIA BRAJRAJNAGAR, JHARSUGUDA	HGV	10/12 TO 6/15	141834	843/434/15
174	OR238513	SANTOSH KUMAR CHOUDHARY S/O-MOHAN LAL CHOUDHARY	AT-MUNGA PARA, PO-JHARSUGUDA, JHARSUGUDA	HGV	7/07 TO 6/15	412608	178/15
175	OR238514	SANTOSH KUMAR CHOUDHARY S/O-MOHAN LAL CHOUDHARY	AT-MUNGA PARA, PO-JHARSUGUDA, JHARSUGUDA	HGV	7/07 TO 6/15	412608	179/15
176	OR238518	SRIRAM DUBEY S/O-DANARDAN DUBEY	AT-GUMADERA, PO-BELPAHAR, JHARSUGUDA	HGV	10/05 TO 6/15	502866	184/15
177	OR238519	MAHATAB ALAM	AT/PO-BRAJRAJNAGAR, JHARSUGUDA	HGV	10/12 TO 6/15	86130	449/15
178	OR238623	SOUDAMINI PRADHAN	AT-CHHUALIBERNA, PO-GUMADERA, JHARSUGUDA	HGV	7/12 TO 6/15	167622	335/15
179	OR238713	MANOJ KUMAR BEHERA	AT-ADARSH NAGAR QR NO-MQ/251, PO-BRAJRAJNAGAR, JHARSUGUDA	HGV	7/12 TO 6/15	154728	845/15
180	OR238749	JAGANNATH BRAHAMA	AT-GANDHI CHOWK, BRAJRAJNAGAR, JHARSUGUDA	HGV	10/05 TO 6/15	502866	186/15
181	OR238775	BINOD KUMAR	AT-QR IB /68 BUNDIA COLONY, VSS NAGAR BRAJRAJNAGAR, JHARSUGUDA	BUS SC	8/06 TO 6/15	1059300	177/15
182	OR238809	NAWAL KISHORE AGRAWAL	AT-THANA ROAD, PO-BRAJRAJNAGAR, JHARSUGUDA	HGV	10/05 TO 6/15	54591	
183	OR238821	ANIRUDH PANDEY	AT/PO-HILLTOP COLONY, BRAJRAJNAGAR, JHARSUGUDA	HGV	7/13 TO 6/15	386820	29/15
continued...
